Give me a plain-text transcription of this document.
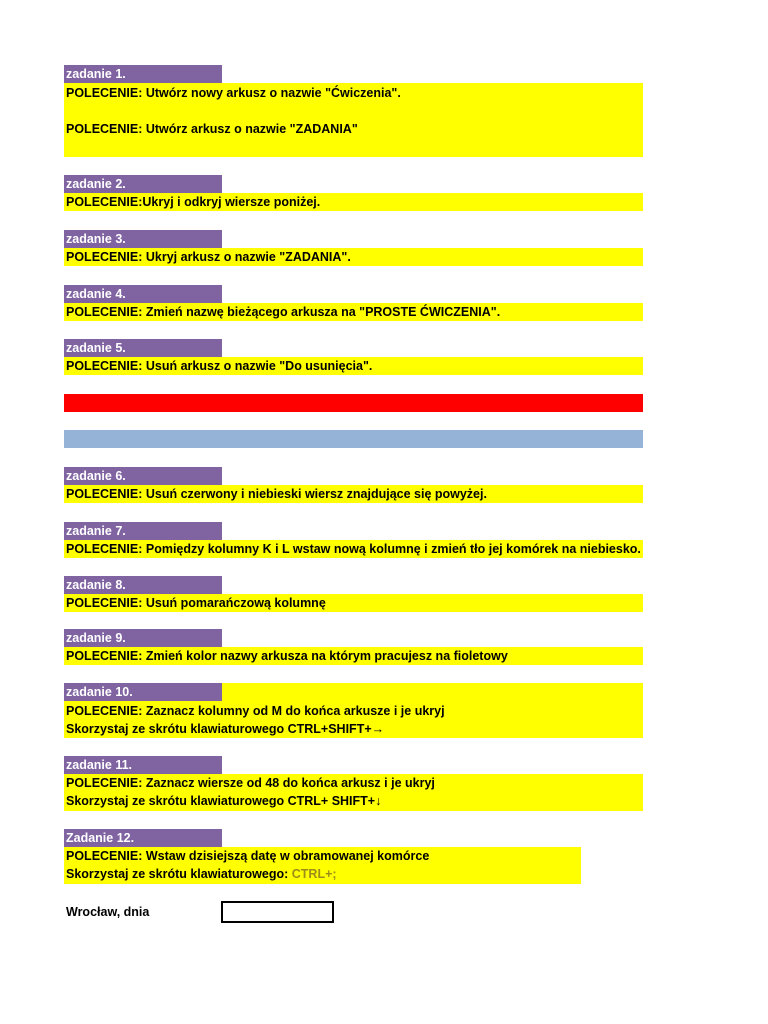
zadanie 1.
POLECENIE: Utwórz nowy arkusz o nazwie "Ćwiczenia".
POLECENIE: Utwórz arkusz o nazwie "ZADANIA"
zadanie 2.
POLECENIE:Ukryj i odkryj wiersze poniżej.
zadanie 3.
POLECENIE: Ukryj arkusz o nazwie "ZADANIA".
zadanie 4.
POLECENIE: Zmień nazwę bieżącego arkusza na "PROSTE ĆWICZENIA".
zadanie 5.
POLECENIE: Usuń arkusz o nazwie "Do usunięcia".
zadanie 6.
POLECENIE: Usuń czerwony i niebieski wiersz znajdujące się powyżej.
zadanie 7.
POLECENIE: Pomiędzy kolumny K i L wstaw nową kolumnę i zmień tło jej komórek na niebiesko.
zadanie 8.
POLECENIE: Usuń pomarańczową kolumnę
zadanie 9.
POLECENIE: Zmień kolor nazwy arkusza na którym pracujesz na fioletowy
POLECENIE: Zaznacz kolumny od M do końca arkusze i je ukryj
Skorzystaj ze skrótu klawiaturowego CTRL+SHIFT+→
zadanie 10.
zadanie 11.
POLECENIE: Zaznacz wiersze od 48 do końca arkusz i je ukryj
Skorzystaj ze skrótu klawiaturowego CTRL+ SHIFT+↓
Zadanie 12.
POLECENIE: Wstaw dzisiejszą datę w obramowanej komórce
Skorzystaj ze skrótu klawiaturowego: CTRL+;
Wrocław, dnia
